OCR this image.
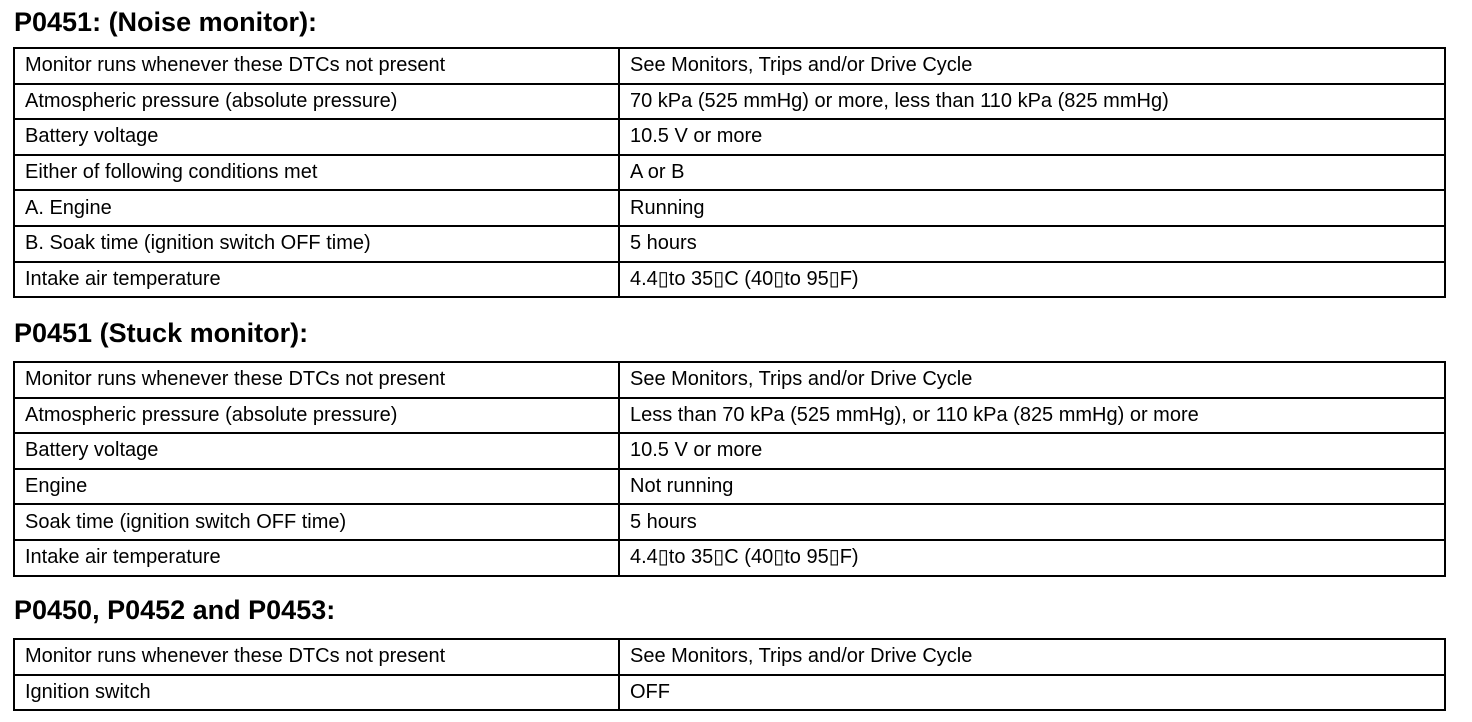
P0451: (Noise monitor):
Monitor runs whenever these DTCs not present	See Monitors, Trips and/or Drive Cycle
Atmospheric pressure (absolute pressure)	70 kPa (525 mmHg) or more, less than 110 kPa (825 mmHg)
Battery voltage	10.5 V or more
Either of following conditions met	A or B
A. Engine	Running
B. Soak time (ignition switch OFF time)	5 hours
Intake air temperature	4.4▯to 35▯C (40▯to 95▯F)
P0451 (Stuck monitor):
Monitor runs whenever these DTCs not present	See Monitors, Trips and/or Drive Cycle
Atmospheric pressure (absolute pressure)	Less than 70 kPa (525 mmHg), or 110 kPa (825 mmHg) or more
Battery voltage	10.5 V or more
Engine	Not running
Soak time (ignition switch OFF time)	5 hours
Intake air temperature	4.4▯to 35▯C (40▯to 95▯F)
P0450, P0452 and P0453:
Monitor runs whenever these DTCs not present	See Monitors, Trips and/or Drive Cycle
Ignition switch	OFF
